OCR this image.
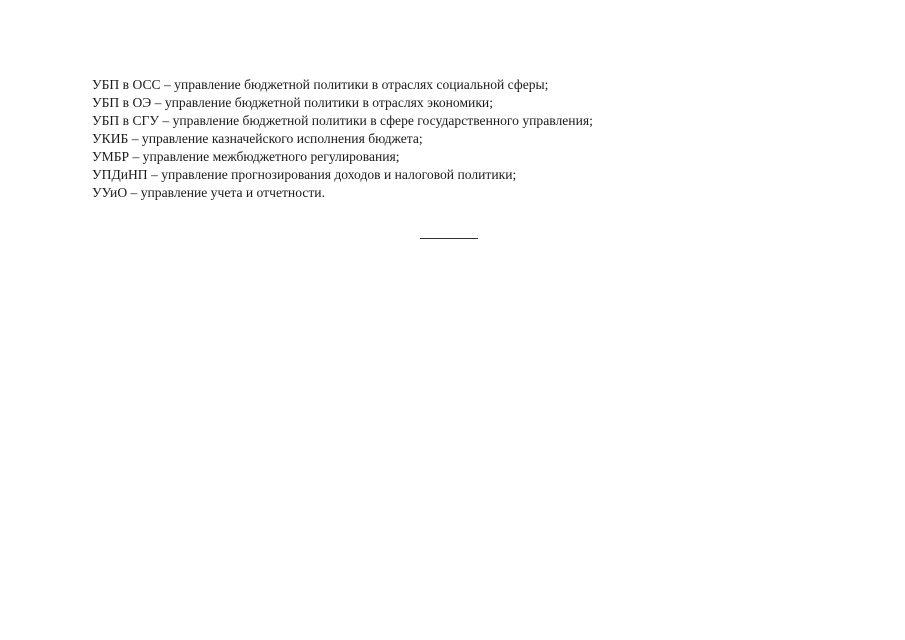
УБП в ОСС – управление бюджетной политики в отраслях социальной сферы;
УБП в ОЭ – управление бюджетной политики в отраслях экономики;
УБП в СГУ – управление бюджетной политики в сфере государственного управления;
УКИБ – управление казначейского исполнения бюджета;
УМБР – управление межбюджетного регулирования;
УПДиНП – управление прогнозирования доходов и налоговой политики;
УУиО – управление учета и отчетности.
